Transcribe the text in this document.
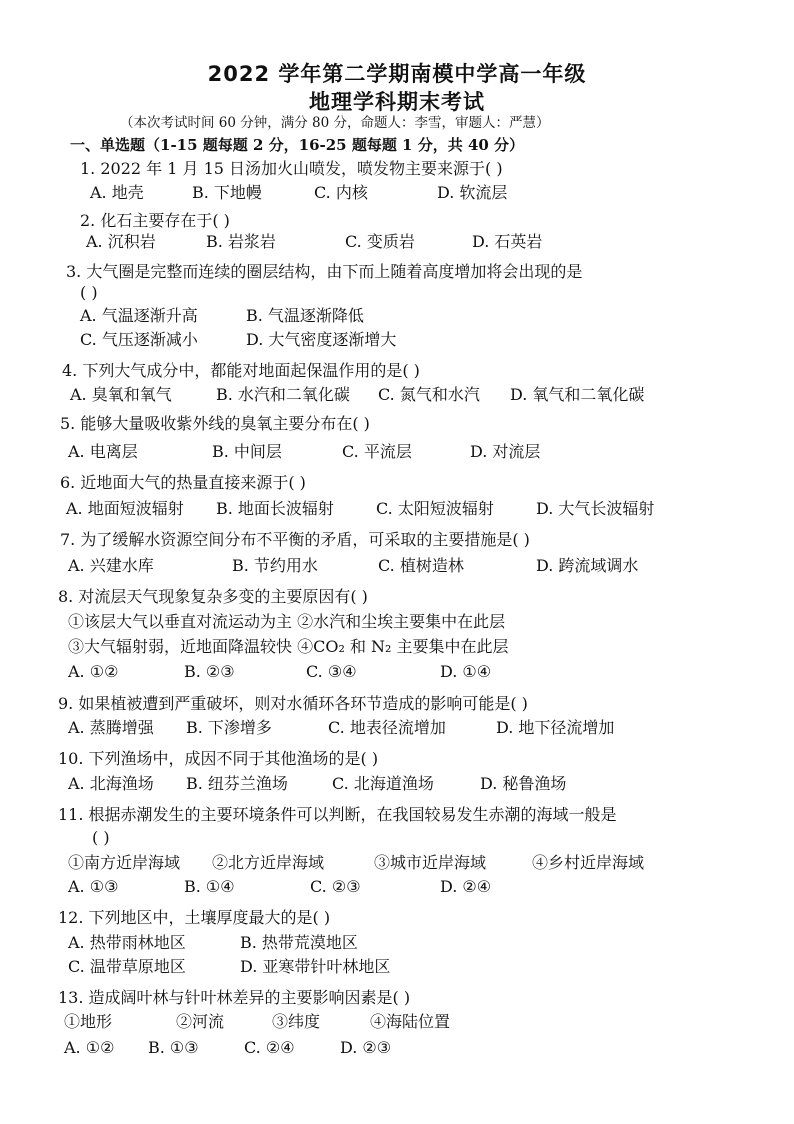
2022 学年第二学期南模中学高一年级
地理学科期末考试
（本次考试时间 60 分钟，满分 80 分，命题人：李雪，审题人：严慧）
一、单选题（1-15 题每题 2 分，16-25 题每题 1 分，共 40 分）
1. 2022 年 1 月 15 日汤加火山喷发，喷发物主要来源于( )
A. 地壳	B. 下地幔	C. 内核	D. 软流层
2. 化石主要存在于( )
A. 沉积岩	B. 岩浆岩	C. 变质岩	D. 石英岩
3. 大气圈是完整而连续的圈层结构，由下而上随着高度增加将会出现的是
( )
A. 气温逐渐升高	B. 气温逐渐降低
C. 气压逐渐减小	D. 大气密度逐渐增大
4. 下列大气成分中，都能对地面起保温作用的是( )
A. 臭氧和氧气	B. 水汽和二氧化碳 C. 氮气和水汽 D. 氧气和二氧化碳
5. 能够大量吸收紫外线的臭氧主要分布在( )
A. 电离层	B. 中间层	C. 平流层	D. 对流层
6. 近地面大气的热量直接来源于( )
A. 地面短波辐射 B. 地面长波辐射	C. 太阳短波辐射	D. 大气长波辐射
7. 为了缓解水资源空间分布不平衡的矛盾，可采取的主要措施是( )
A. 兴建水库	B. 节约用水	C. 植树造林	D. 跨流域调水
8. 对流层天气现象复杂多变的主要原因有( )
①该层大气以垂直对流运动为主 ②水汽和尘埃主要集中在此层
③大气辐射弱，近地面降温较快 ④CO₂ 和 N₂ 主要集中在此层
A. ①②	B. ②③	C. ③④	D. ①④
9. 如果植被遭到严重破坏，则对水循环各环节造成的影响可能是( )
A. 蒸腾增强 B. 下渗增多	C. 地表径流增加	D. 地下径流增加
10. 下列渔场中，成因不同于其他渔场的是( )
A. 北海渔场 B. 纽芬兰渔场	C. 北海道渔场	D. 秘鲁渔场
11. 根据赤潮发生的主要环境条件可以判断，在我国较易发生赤潮的海域一般是
( )
①南方近岸海域 ②北方近岸海域	③城市近岸海域	④乡村近岸海域
A. ①③	B. ①④	C. ②③	D. ②④
12. 下列地区中，土壤厚度最大的是( )
A. 热带雨林地区	B. 热带荒漠地区
C. 温带草原地区	D. 亚寒带针叶林地区
13. 造成阔叶林与针叶林差异的主要影响因素是( )
①地形	②河流	③纬度	④海陆位置
A. ①② B. ①③	C. ②④	D. ②③
